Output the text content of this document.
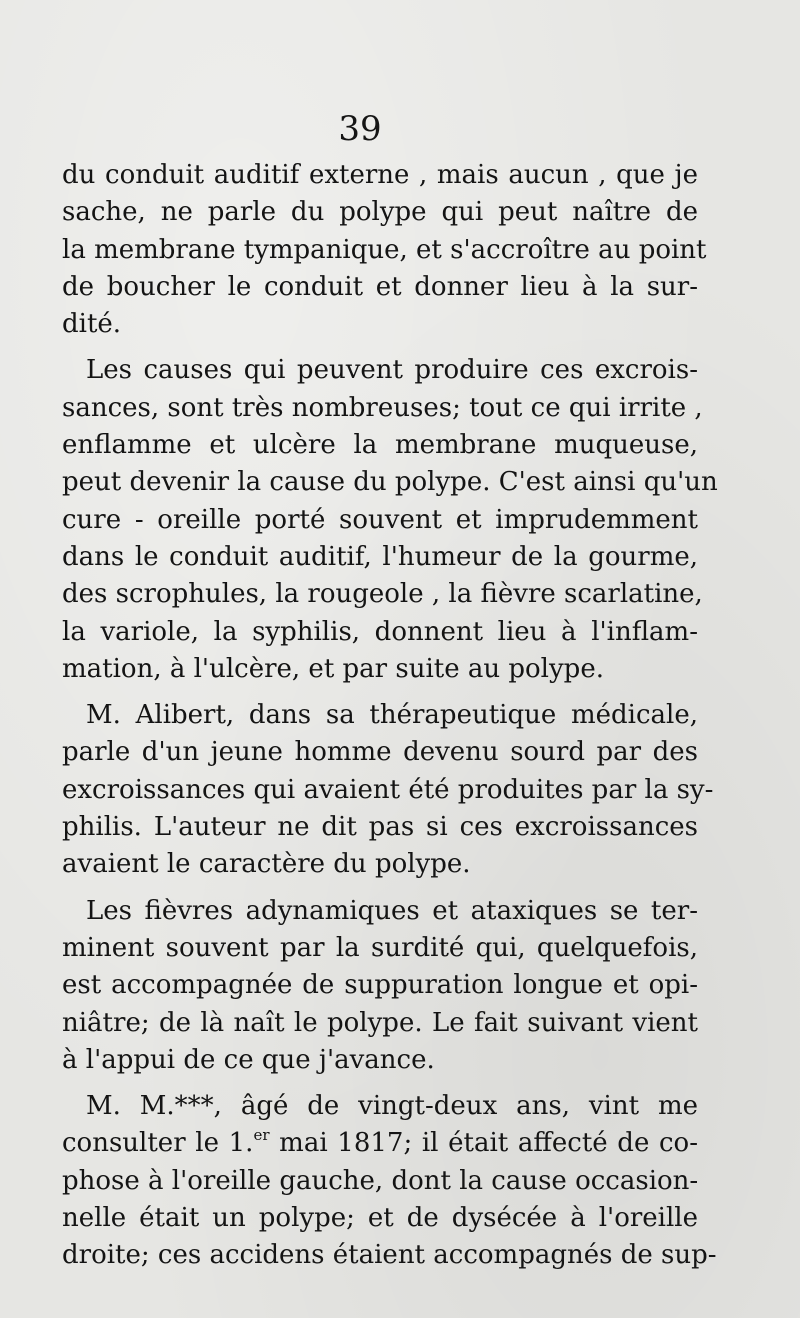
39
du conduit auditif externe , mais aucun , que je
sache, ne parle du polype qui peut naître de
la membrane tympanique, et s'accroître au point
de boucher le conduit et donner lieu à la sur-
dité.
Les causes qui peuvent produire ces excrois-
sances, sont très nombreuses; tout ce qui irrite ,
enflamme et ulcère la membrane muqueuse,
peut devenir la cause du polype. C'est ainsi qu'un
cure - oreille porté souvent et imprudemment
dans le conduit auditif, l'humeur de la gourme,
des scrophules, la rougeole , la fièvre scarlatine,
la variole, la syphilis, donnent lieu à l'inflam-
mation, à l'ulcère, et par suite au polype.
M. Alibert, dans sa thérapeutique médicale,
parle d'un jeune homme devenu sourd par des
excroissances qui avaient été produites par la sy-
philis. L'auteur ne dit pas si ces excroissances
avaient le caractère du polype.
Les fièvres adynamiques et ataxiques se ter-
minent souvent par la surdité qui, quelquefois,
est accompagnée de suppuration longue et opi-
niâtre; de là naît le polype. Le fait suivant vient
à l'appui de ce que j'avance.
M. M.***, âgé de vingt-deux ans, vint me
consulter le 1.$^{er}$ mai 1817; il était affecté de co-
phose à l'oreille gauche, dont la cause occasion-
nelle était un polype; et de dysécée à l'oreille
droite; ces accidens étaient accompagnés de sup-
